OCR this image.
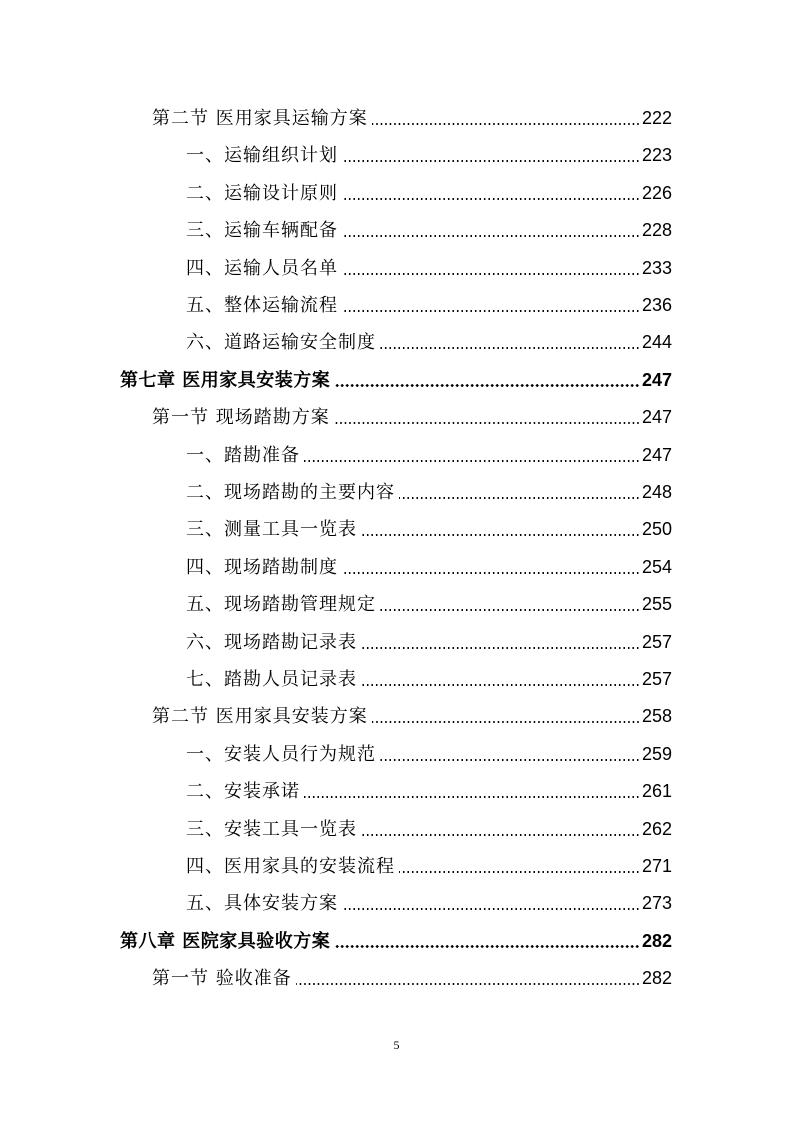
第二节 医用家具运输方案	222
一、运输组织计划	223
二、运输设计原则	226
三、运输车辆配备	228
四、运输人员名单	233
五、整体运输流程	236
六、道路运输安全制度	244
第七章 医用家具安装方案	247
第一节 现场踏勘方案	247
一、踏勘准备	247
二、现场踏勘的主要内容	248
三、测量工具一览表	250
四、现场踏勘制度	254
五、现场踏勘管理规定	255
六、现场踏勘记录表	257
七、踏勘人员记录表	257
第二节 医用家具安装方案	258
一、安装人员行为规范	259
二、安装承诺	261
三、安装工具一览表	262
四、医用家具的安装流程	271
五、具体安装方案	273
第八章 医院家具验收方案	282
第一节 验收准备	282
5
